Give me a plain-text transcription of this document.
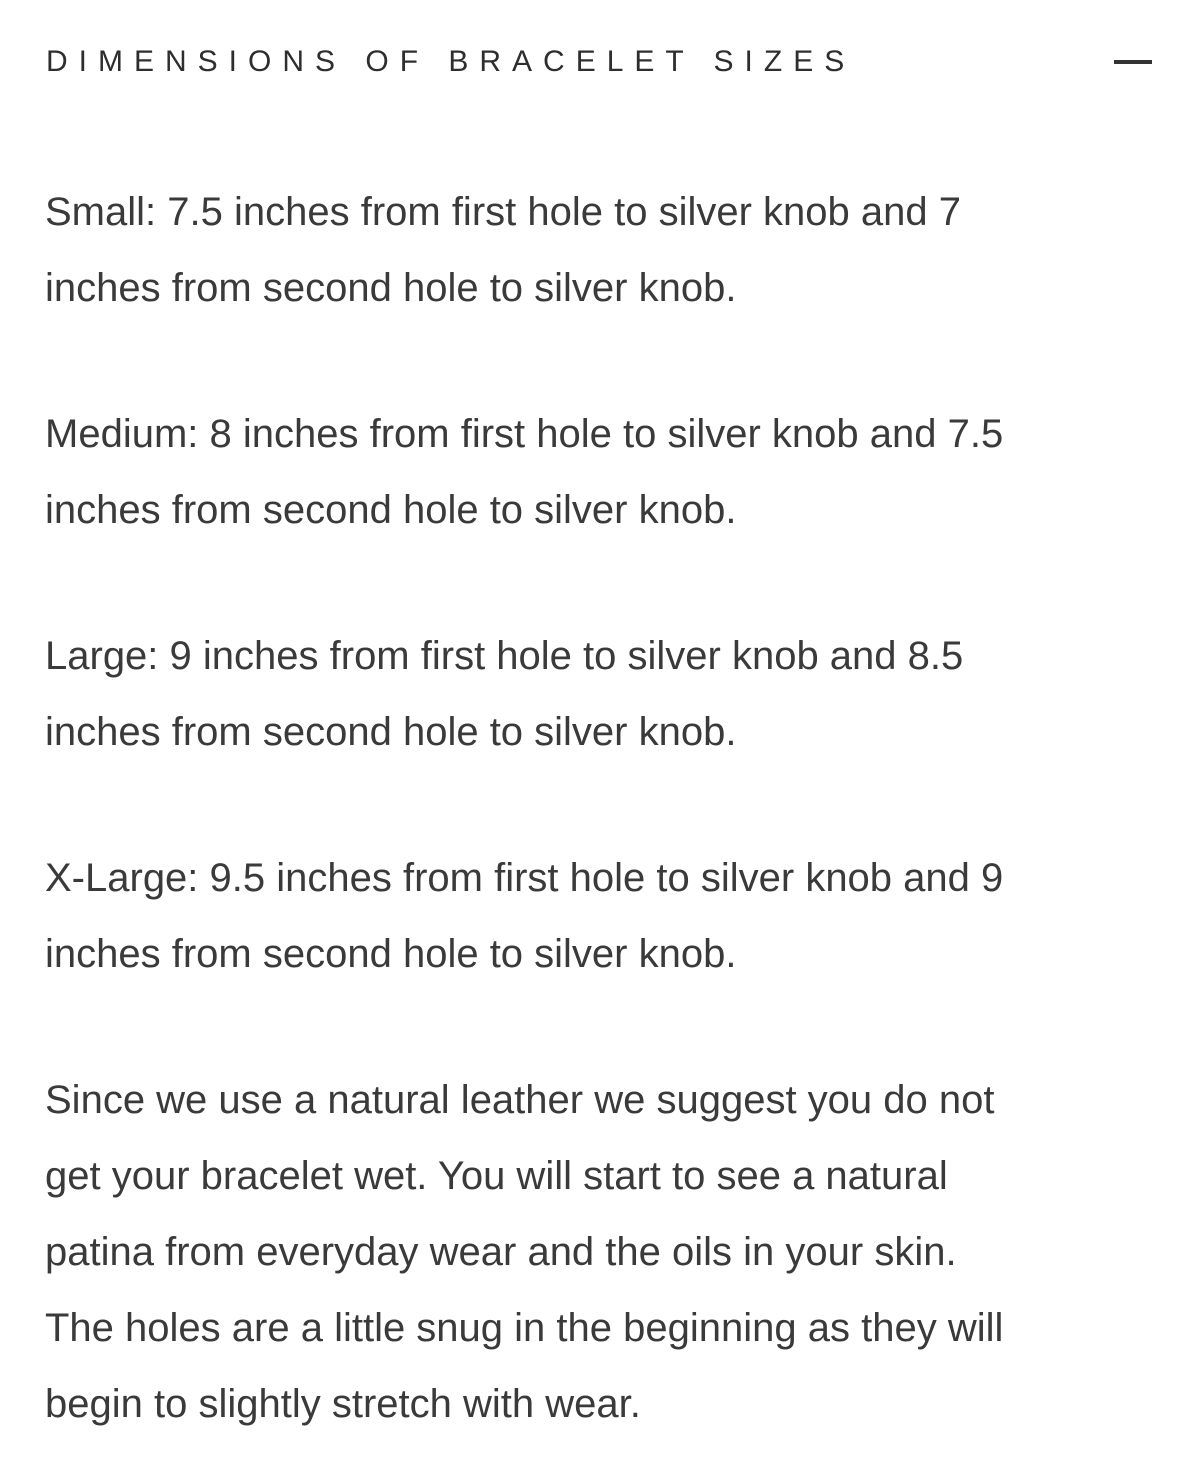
DIMENSIONS OF BRACELET SIZES
Small: 7.5 inches from first hole to silver knob and 7
inches from second hole to silver knob.
Medium: 8 inches from first hole to silver knob and 7.5
inches from second hole to silver knob.
Large: 9 inches from first hole to silver knob and 8.5
inches from second hole to silver knob.
X-Large: 9.5 inches from first hole to silver knob and 9
inches from second hole to silver knob.
Since we use a natural leather we suggest you do not
get your bracelet wet. You will start to see a natural
patina from everyday wear and the oils in your skin.
The holes are a little snug in the beginning as they will
begin to slightly stretch with wear.
